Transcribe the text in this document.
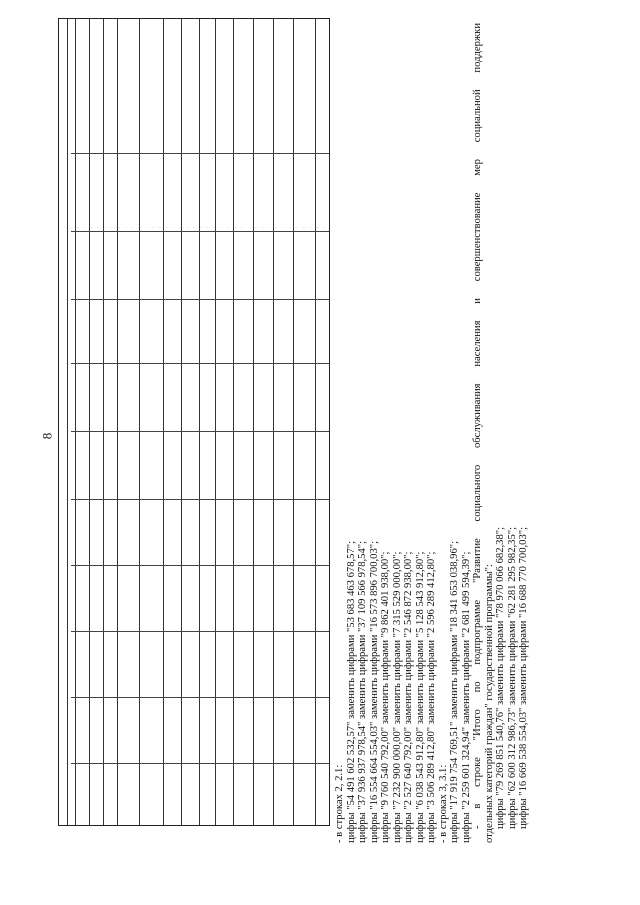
8
…	…	…	…	…	…	…	…	…	…	…	…	…	…	…	…	…	…	…	…	…	…	…	…	…	…	…	…	…	…	…	…	…	…	…	…	…	…
- в строках 2, 2.1: цифры "54 491 602 532,57" заменить цифрами "53 683 463 678,57"; цифры "37 936 937 978,54" заменить цифрами "37 109 566 978,54"; цифры "16 554 664 554,03" заменить цифрами "16 573 896 700,03"; цифры "9 760 540 792,00" заменить цифрами "9 862 401 938,00"; цифры "7 232 900 000,00" заменить цифрами "7 315 529 000,00"; цифры "2 527 640 792,00" заменить цифрами "2 546 872 938,00"; цифры "6 038 543 912,80" заменить цифрами "5 128 543 912,80"; цифры "3 506 289 412,80" заменить цифрами "2 596 289 412,80"; - в строках 3, 3.1: цифры "17 919 754 769,51" заменить цифрами "18 341 653 038,96"; цифры "2 259 601 324,94" заменить цифрами "2 681 499 594,39"; - в строке "Итого по подпрограмме "Развитие социального обслуживания населения и совершенствование мер социальной поддержки отдельных категорий граждан" государственной программы": цифры "79 269 851 540,76" заменить цифрами "78 970 066 682,38"; цифры "62 600 312 986,73" заменить цифрами "62 281 295 982,35"; цифры "16 669 538 554,03" заменить цифрами "16 688 770 700,03";
